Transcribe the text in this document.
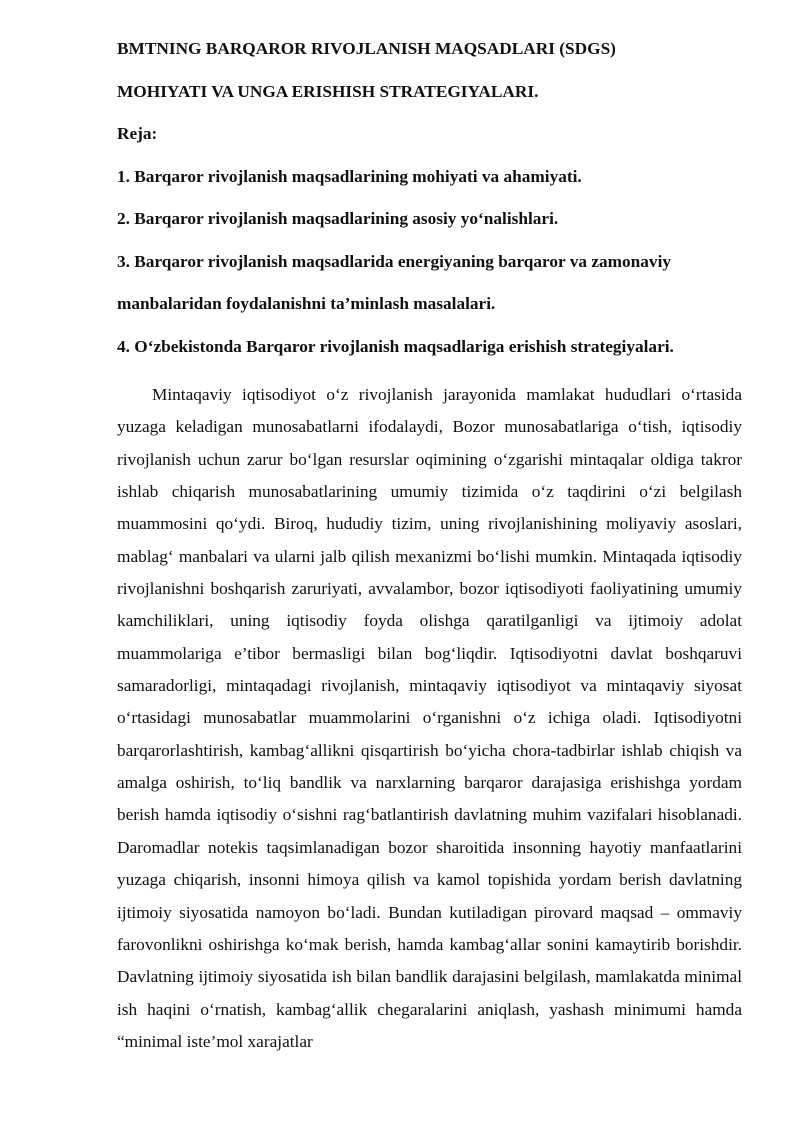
BMTNING BARQAROR RIVOJLANISH MAQSADLARI (SDGS)

MOHIYATI VA UNGA ERISHISH STRATEGIYALARI.

Reja:

1. Barqaror rivojlanish maqsadlarining mohiyati va ahamiyati.

2. Barqaror rivojlanish maqsadlarining asosiy yo‘nalishlari.

3. Barqaror rivojlanish maqsadlarida energiyaning barqaror va zamonaviy

manbalaridan foydalanishni ta’minlash masalalari.

4. O‘zbekistonda Barqaror rivojlanish maqsadlariga erishish strategiyalari.

Mintaqaviy iqtisodiyot o‘z rivojlanish jarayonida mamlakat hududlari o‘rtasida yuzaga keladigan munosabatlarni ifodalaydi, Bozor munosabatlariga o‘tish, iqtisodiy rivojlanish uchun zarur bo‘lgan resurslar oqimining o‘zgarishi mintaqalar oldiga takror ishlab chiqarish munosabatlarining umumiy tizimida o‘z taqdirini o‘zi belgilash muammosini qo‘ydi. Biroq, hududiy tizim, uning rivojlanishining moliyaviy asoslari, mablag‘ manbalari va ularni jalb qilish mexanizmi bo‘lishi mumkin. Mintaqada iqtisodiy rivojlanishni boshqarish zaruriyati, avvalambor, bozor iqtisodiyoti faoliyatining umumiy kamchiliklari, uning iqtisodiy foyda olishga qaratilganligi va ijtimoiy adolat muammolariga e’tibor bermasligi bilan bog‘liqdir. Iqtisodiyotni davlat boshqaruvi samaradorligi, mintaqadagi rivojlanish, mintaqaviy iqtisodiyot va mintaqaviy siyosat o‘rtasidagi munosabatlar muammolarini o‘rganishni o‘z ichiga oladi. Iqtisodiyotni barqarorlashtirish, kambag‘allikni qisqartirish bo‘yicha chora-tadbirlar ishlab chiqish va amalga oshirish, to‘liq bandlik va narxlarning barqaror darajasiga erishishga yordam berish hamda iqtisodiy o‘sishni rag‘batlantirish davlatning muhim vazifalari hisoblanadi. Daromadlar notekis taqsimlanadigan bozor sharoitida insonning hayotiy manfaatlarini yuzaga chiqarish, insonni himoya qilish va kamol topishida yordam berish davlatning ijtimoiy siyosatida namoyon bo‘ladi. Bundan kutiladigan pirovard maqsad – ommaviy farovonlikni oshirishga ko‘mak berish, hamda kambag‘allar sonini kamaytirib borishdir. Davlatning ijtimoiy siyosatida ish bilan bandlik darajasini belgilash, mamlakatda minimal ish haqini o‘rnatish, kambag‘allik chegaralarini aniqlash, yashash minimumi hamda “minimal iste’mol xarajatlar
